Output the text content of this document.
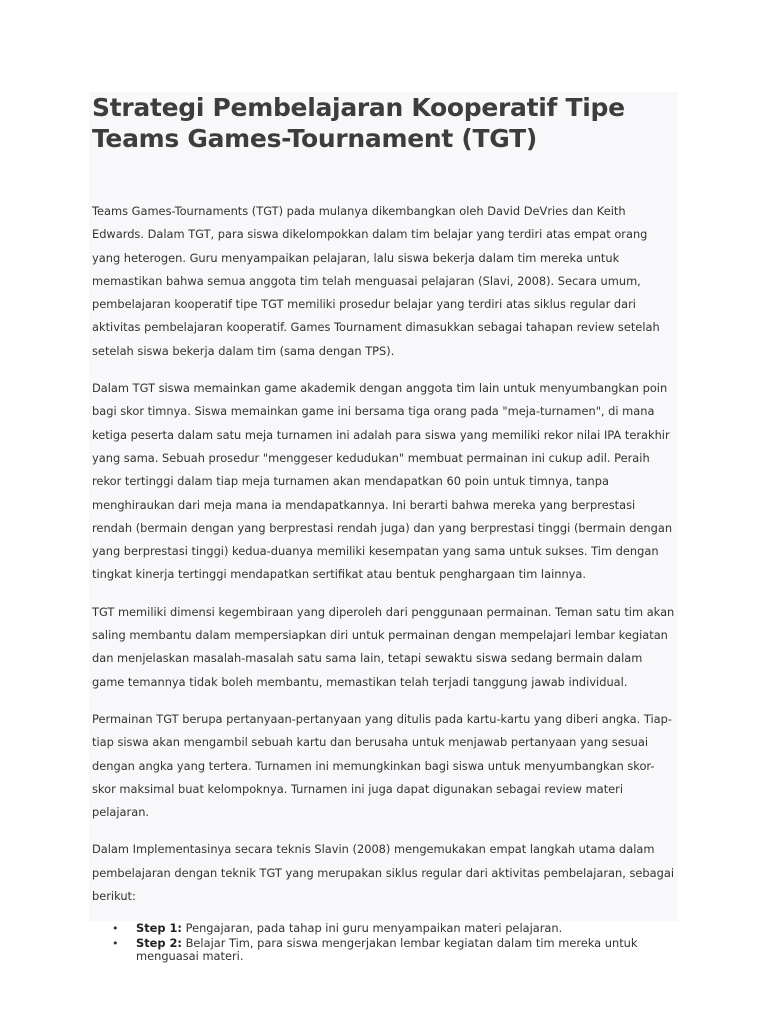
Strategi Pembelajaran Kooperatif Tipe Teams Games-Tournament (TGT)

Teams Games-Tournaments (TGT) pada mulanya dikembangkan oleh David DeVries dan Keith Edwards. Dalam TGT, para siswa dikelompokkan dalam tim belajar yang terdiri atas empat orang yang heterogen. Guru menyampaikan pelajaran, lalu siswa bekerja dalam tim mereka untuk memastikan bahwa semua anggota tim telah menguasai pelajaran (Slavi, 2008). Secara umum, pembelajaran kooperatif tipe TGT memiliki prosedur belajar yang terdiri atas siklus regular dari aktivitas pembelajaran kooperatif. Games Tournament dimasukkan sebagai tahapan review setelah setelah siswa bekerja dalam tim (sama dengan TPS).

Dalam TGT siswa memainkan game akademik dengan anggota tim lain untuk menyumbangkan poin bagi skor timnya. Siswa memainkan game ini bersama tiga orang pada "meja-turnamen", di mana ketiga peserta dalam satu meja turnamen ini adalah para siswa yang memiliki rekor nilai IPA terakhir yang sama. Sebuah prosedur "menggeser kedudukan" membuat permainan ini cukup adil. Peraih rekor tertinggi dalam tiap meja turnamen akan mendapatkan 60 poin untuk timnya, tanpa menghiraukan dari meja mana ia mendapatkannya. Ini berarti bahwa mereka yang berprestasi rendah (bermain dengan yang berprestasi rendah juga) dan yang berprestasi tinggi (bermain dengan yang berprestasi tinggi) kedua-duanya memiliki kesempatan yang sama untuk sukses. Tim dengan tingkat kinerja tertinggi mendapatkan sertifikat atau bentuk penghargaan tim lainnya.

TGT memiliki dimensi kegembiraan yang diperoleh dari penggunaan permainan. Teman satu tim akan saling membantu dalam mempersiapkan diri untuk permainan dengan mempelajari lembar kegiatan dan menjelaskan masalah-masalah satu sama lain, tetapi sewaktu siswa sedang bermain dalam game temannya tidak boleh membantu, memastikan telah terjadi tanggung jawab individual.

Permainan TGT berupa pertanyaan-pertanyaan yang ditulis pada kartu-kartu yang diberi angka. Tiap-tiap siswa akan mengambil sebuah kartu dan berusaha untuk menjawab pertanyaan yang sesuai dengan angka yang tertera. Turnamen ini memungkinkan bagi siswa untuk menyumbangkan skor-skor maksimal buat kelompoknya. Turnamen ini juga dapat digunakan sebagai review materi pelajaran.

Dalam Implementasinya secara teknis Slavin (2008) mengemukakan empat langkah utama dalam pembelajaran dengan teknik TGT yang merupakan siklus regular dari aktivitas pembelajaran, sebagai berikut:

• Step 1: Pengajaran, pada tahap ini guru menyampaikan materi pelajaran.
• Step 2: Belajar Tim, para siswa mengerjakan lembar kegiatan dalam tim mereka untuk menguasai materi.
